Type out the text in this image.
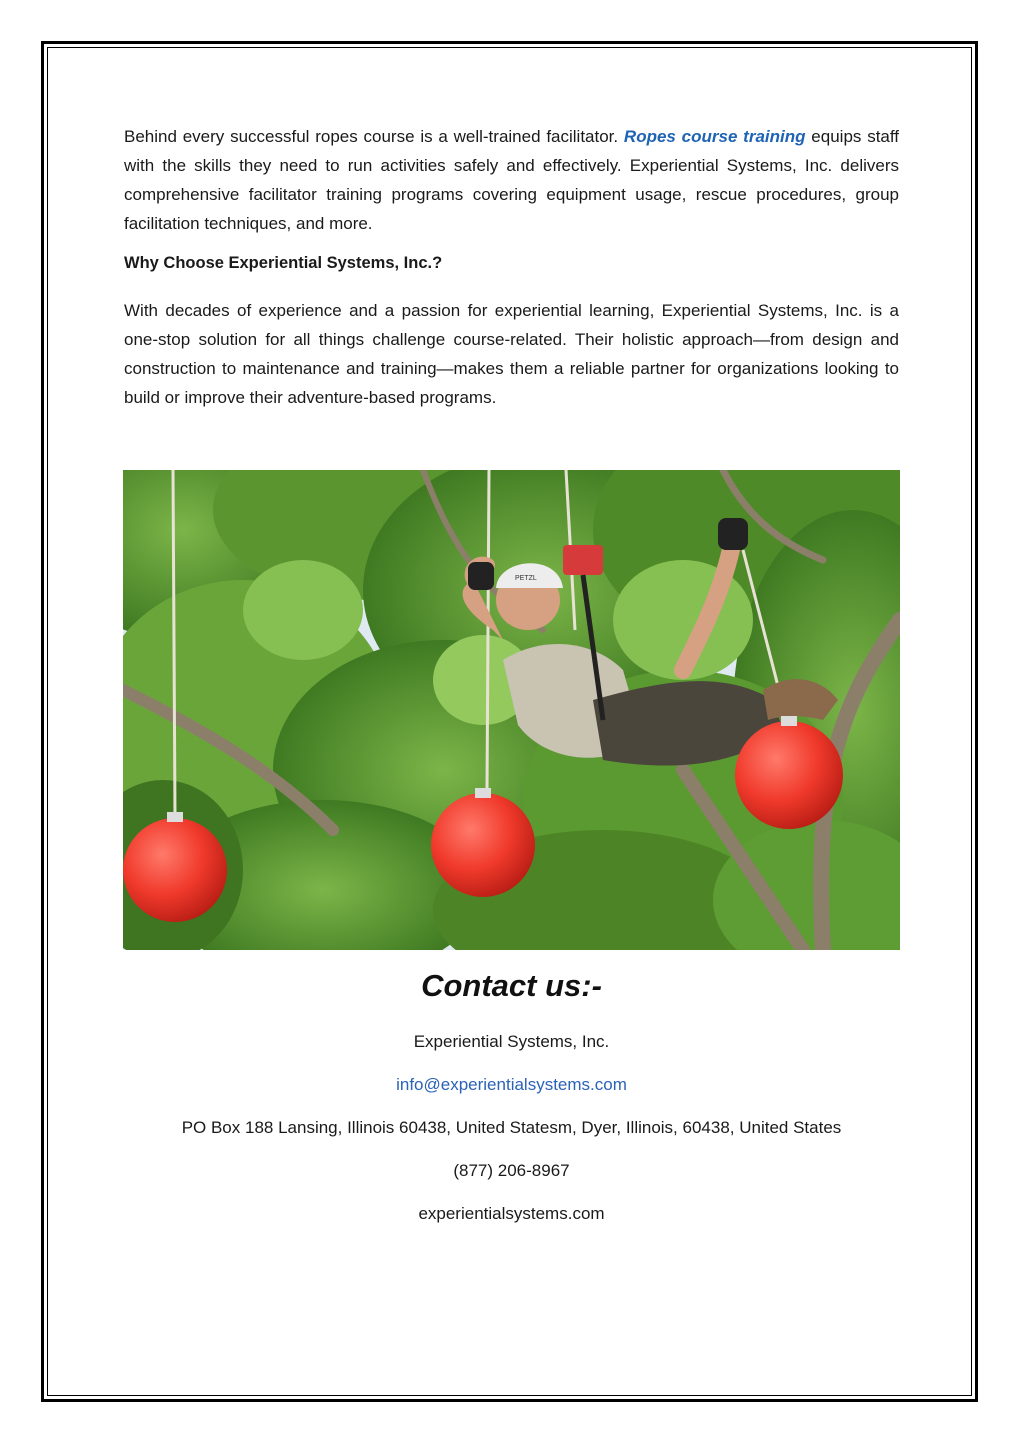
Behind every successful ropes course is a well-trained facilitator. Ropes course training equips staff with the skills they need to run activities safely and effectively. Experiential Systems, Inc. delivers comprehensive facilitator training programs covering equipment usage, rescue procedures, group facilitation techniques, and more.

Why Choose Experiential Systems, Inc.?

With decades of experience and a passion for experiential learning, Experiential Systems, Inc. is a one-stop solution for all things challenge course-related. Their holistic approach—from design and construction to maintenance and training—makes them a reliable partner for organizations looking to build or improve their adventure-based programs.

PETZL
Contact us:-

Experiential Systems, Inc.

info@experientialsystems.com

PO Box 188 Lansing, Illinois 60438, United Statesm, Dyer, Illinois, 60438, United States

(877) 206-8967

experientialsystems.com
